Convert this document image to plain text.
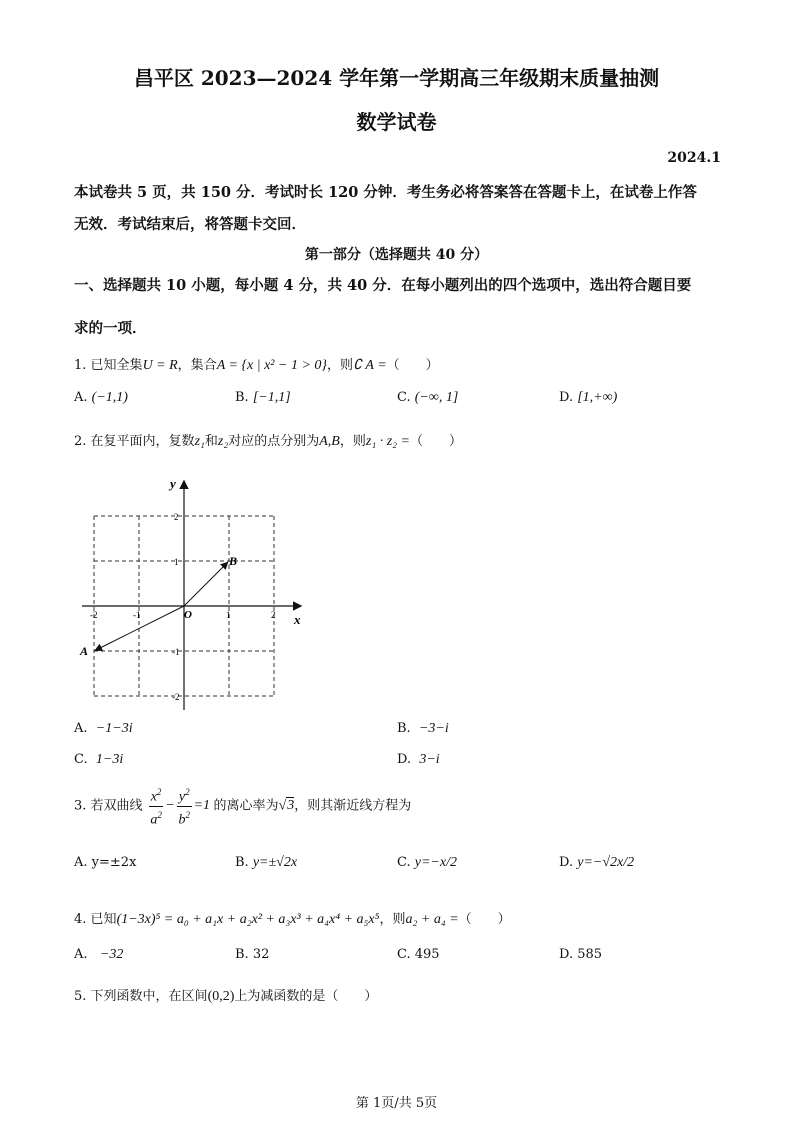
昌平区 2023—2024 学年第一学期高三年级期末质量抽测
数学试卷
2024.1
本试卷共 5 页，共 150 分．考试时长 120 分钟．考生务必将答案答在答题卡上，在试卷上作答
无效．考试结束后，将答题卡交回．
第一部分（选择题共 40 分）
一、选择题共 10 小题，每小题 4 分，共 40 分．在每小题列出的四个选项中，选出符合题目要
求的一项．
1. 已知全集U = R，集合A = {x | x² − 1 > 0}，则∁ A =（　　）
A. (−1,1)	B. [−1,1]	C. (−∞, 1]	D. [1,+∞)
2. 在复平面内，复数z₁和z₂对应的点分别为A,B，则z₁ · z₂ =（　　）
x
y
O
-2	-1	1	2
2
1
-1
-2
B
A
A. −1−3i	B. −3−i
C. 1−3i	D. 3−i
3. 若双曲线 $\frac{x^2}{a^2} - \frac{y^2}{b^2} =1$ 的离心率为√3，则其渐近线方程为
A. y=±2x	B. y=±√2x	C. y=−x/2	D. y=−√2x/2
4. 已知(1−3x)⁵ = a₀ + a₁x + a₂x² + a₃x³ + a₄x⁴ + a₅x⁵，则a₂ + a₄ =（　　）
A. −32	B. 32	C. 495	D. 585
5. 下列函数中，在区间(0,2)上为减函数的是（　　）
第 1页/共 5页
